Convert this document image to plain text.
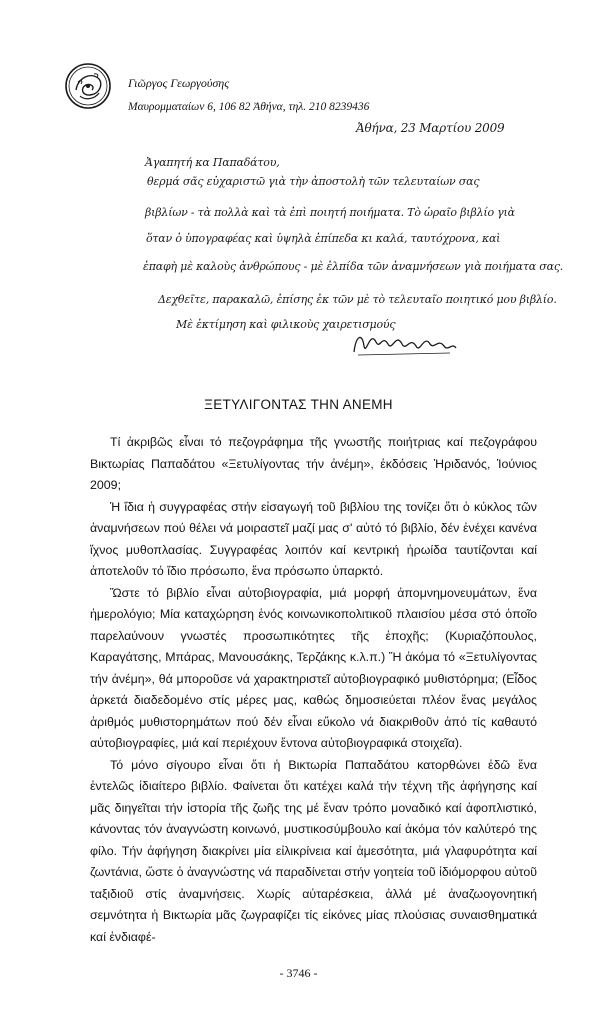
Γιῶργος Γεωργούσης
Μαυρομματαίων 6, 106 82 Ἀθήνα, τηλ. 210 8239436
Ἀθήνα, 23 Μαρτίου 2009
Ἀγαπητή κα Παπαδάτου,
θερμά σᾶς εὐχαριστῶ γιὰ τὴν ἀποστολὴ τῶν τελευταίων σας
βιβλίων - τὰ πολλὰ καὶ τὰ ἐπὶ ποιητή ποιήματα. Τὸ ὡραῖο βιβλίο γιὰ
ὅταν ὁ ὑπογραφέας καὶ ὑψηλὰ ἐπίπεδα κι καλά, ταυτόχρονα, καὶ
ἐπαφὴ μὲ καλοὺς ἀνθρώπους - μὲ ἐλπίδα τῶν ἀναμνήσεων γιὰ ποιήματα σας.
Δεχθεῖτε, παρακαλῶ, ἐπίσης ἐκ τῶν μὲ τὸ τελευταῖο ποιητικό μου βιβλίο.
Μὲ ἐκτίμηση καὶ φιλικοὺς χαιρετισμούς
ΞΕΤΥΛΙΓΟΝΤΑΣ ΤΗΝ ΑΝΕΜΗ

Τί ἀκριβῶς εἶναι τό πεζογράφημα τῆς γνωστῆς ποιήτριας καί πεζογράφου Βικτωρίας Παπαδάτου «Ξετυλίγοντας τήν ἀνέμη», ἐκδόσεις Ἡριδανός, Ἰούνιος 2009;

Ἡ ἴδια ἡ συγγραφέας στήν εἰσαγωγή τοῦ βιβλίου της τονίζει ὅτι ὁ κύκλος τῶν ἀναμνήσεων πού θέλει νά μοιραστεῖ μαζί μας σ' αὐτό τό βιβλίο, δέν ἐνέχει κανένα ἴχνος μυθοπλασίας. Συγγραφέας λοιπόν καί κεντρική ἡρωίδα ταυτίζονται καί ἀποτελοῦν τό ἴδιο πρόσωπο, ἕνα πρόσωπο ὑπαρκτό.

Ὥστε τό βιβλίο εἶναι αὐτοβιογραφία, μιά μορφή ἀπομνημονευμάτων, ἕνα ἡμερολόγιο; Μία καταχώρηση ἑνός κοινωνικοπολιτικοῦ πλαισίου μέσα στό ὁποῖο παρελαύνουν γνωστές προσωπικότητες τῆς ἐποχῆς; (Κυριαζόπουλος, Καραγάτσης, Μπάρας, Μανουσάκης, Τερζάκης κ.λ.π.) Ἤ ἀκόμα τό «Ξετυλίγοντας τήν ἀνέμη», θά μποροῦσε νά χαρακτηριστεῖ αὐτοβιογραφικό μυθιστόρημα; (Εἶδος ἀρκετά διαδεδομένο στίς μέρες μας, καθώς δημοσιεύεται πλέον ἕνας μεγάλος ἀριθμός μυθιστορημάτων πού δέν εἶναι εὔκολο νά διακριθοῦν ἀπό τίς καθαυτό αὐτοβιογραφίες, μιά καί περιέχουν ἔντονα αὐτοβιογραφικά στοιχεῖα).

Τό μόνο σίγουρο εἶναι ὅτι ἡ Βικτωρία Παπαδάτου κατορθώνει ἐδῶ ἕνα ἐντελῶς ἰδιαίτερο βιβλίο. Φαίνεται ὅτι κατέχει καλά τήν τέχνη τῆς ἀφήγησης καί μᾶς διηγεῖται τήν ἱστορία τῆς ζωῆς της μέ ἕναν τρόπο μοναδικό καί ἀφοπλιστικό, κάνοντας τόν ἀναγνώστη κοινωνό, μυστικοσύμβουλο καί ἀκόμα τόν καλύτερό της φίλο. Τήν ἀφήγηση διακρίνει μία εἰλικρίνεια καί ἀμεσότητα, μιά γλαφυρότητα καί ζωντάνια, ὥστε ὁ ἀναγνώστης νά παραδίνεται στήν γοητεία τοῦ ἰδιόμορφου αὐτοῦ ταξιδιοῦ στίς ἀναμνήσεις. Χωρίς αὐταρέσκεια, ἀλλά μέ ἀναζωογονητική σεμνότητα ἡ Βικτωρία μᾶς ζωγραφίζει τίς εἰκόνες μίας πλούσιας συναισθηματικά καί ἐνδιαφέ-

- 3746 -
